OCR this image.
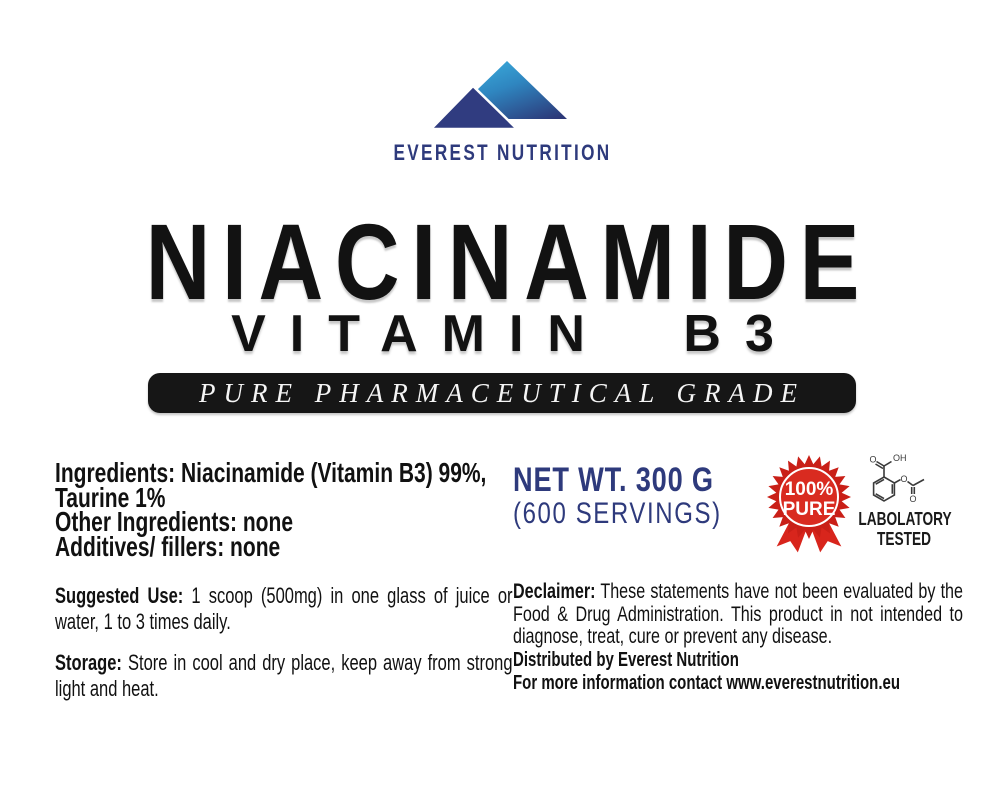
EVEREST NUTRITION
NIACINAMIDE
VITAMIN B3
PURE PHARMACEUTICAL GRADE
Ingredients: Niacinamide (Vitamin B3) 99%,
Taurine 1%
Other Ingredients: none
Additives/ fillers: none
Suggested Use: 1 scoop (500mg) in one glass of juice or water, 1 to 3 times daily.
Storage: Store in cool and dry place, keep away from strong light and heat.
NET WT. 300 G
(600 SERVINGS)
100%
PURE
O OH
O
O
LABOLATORY
TESTED
Declaimer: These statements have not been evaluated by the Food & Drug Administration. This product in not intended to diagnose, treat, cure or prevent any disease.
Distributed by Everest Nutrition
For more information contact www.everestnutrition.eu
